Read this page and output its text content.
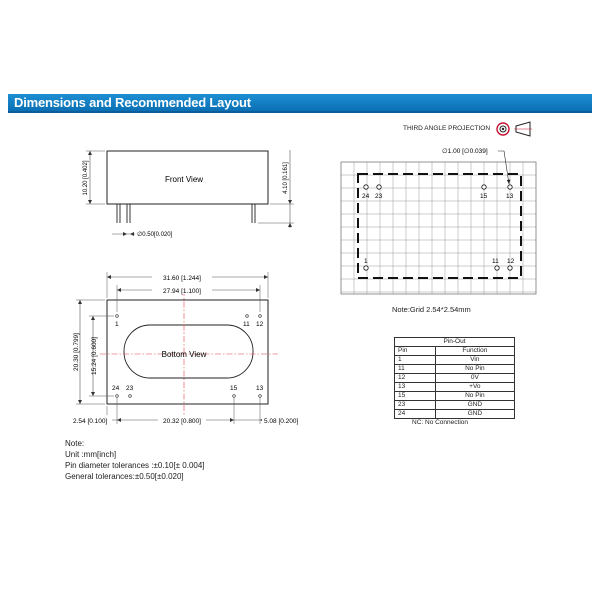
Dimensions and Recommended Layout
THIRD ANGLE PROJECTION
Front View
10.20 [0.402]	4.10 [0.161]
∅0.50[0.020]
Bottom View
1	11 12
24 23	15	13
31.60 [1.244]
27.94 [1.100]
20.30 [0.799] 15.24 [0.600]
2.54 [0.100]	20.32 [0.800]	5.08 [0.200]
24 23	15	13
1	11 12
∅1.00 [∅0.039]
Note:Grid 2.54*2.54mm
Pin-Out	
Pin	Function
1	Vin
11	No Pin
12	0V
13	+Vo
15	No Pin
23	GND
24	GND
NC: No Connection
Note:
Unit :mm[inch]
Pin diameter tolerances :±0.10[± 0.004]
General tolerances:±0.50[±0.020]
